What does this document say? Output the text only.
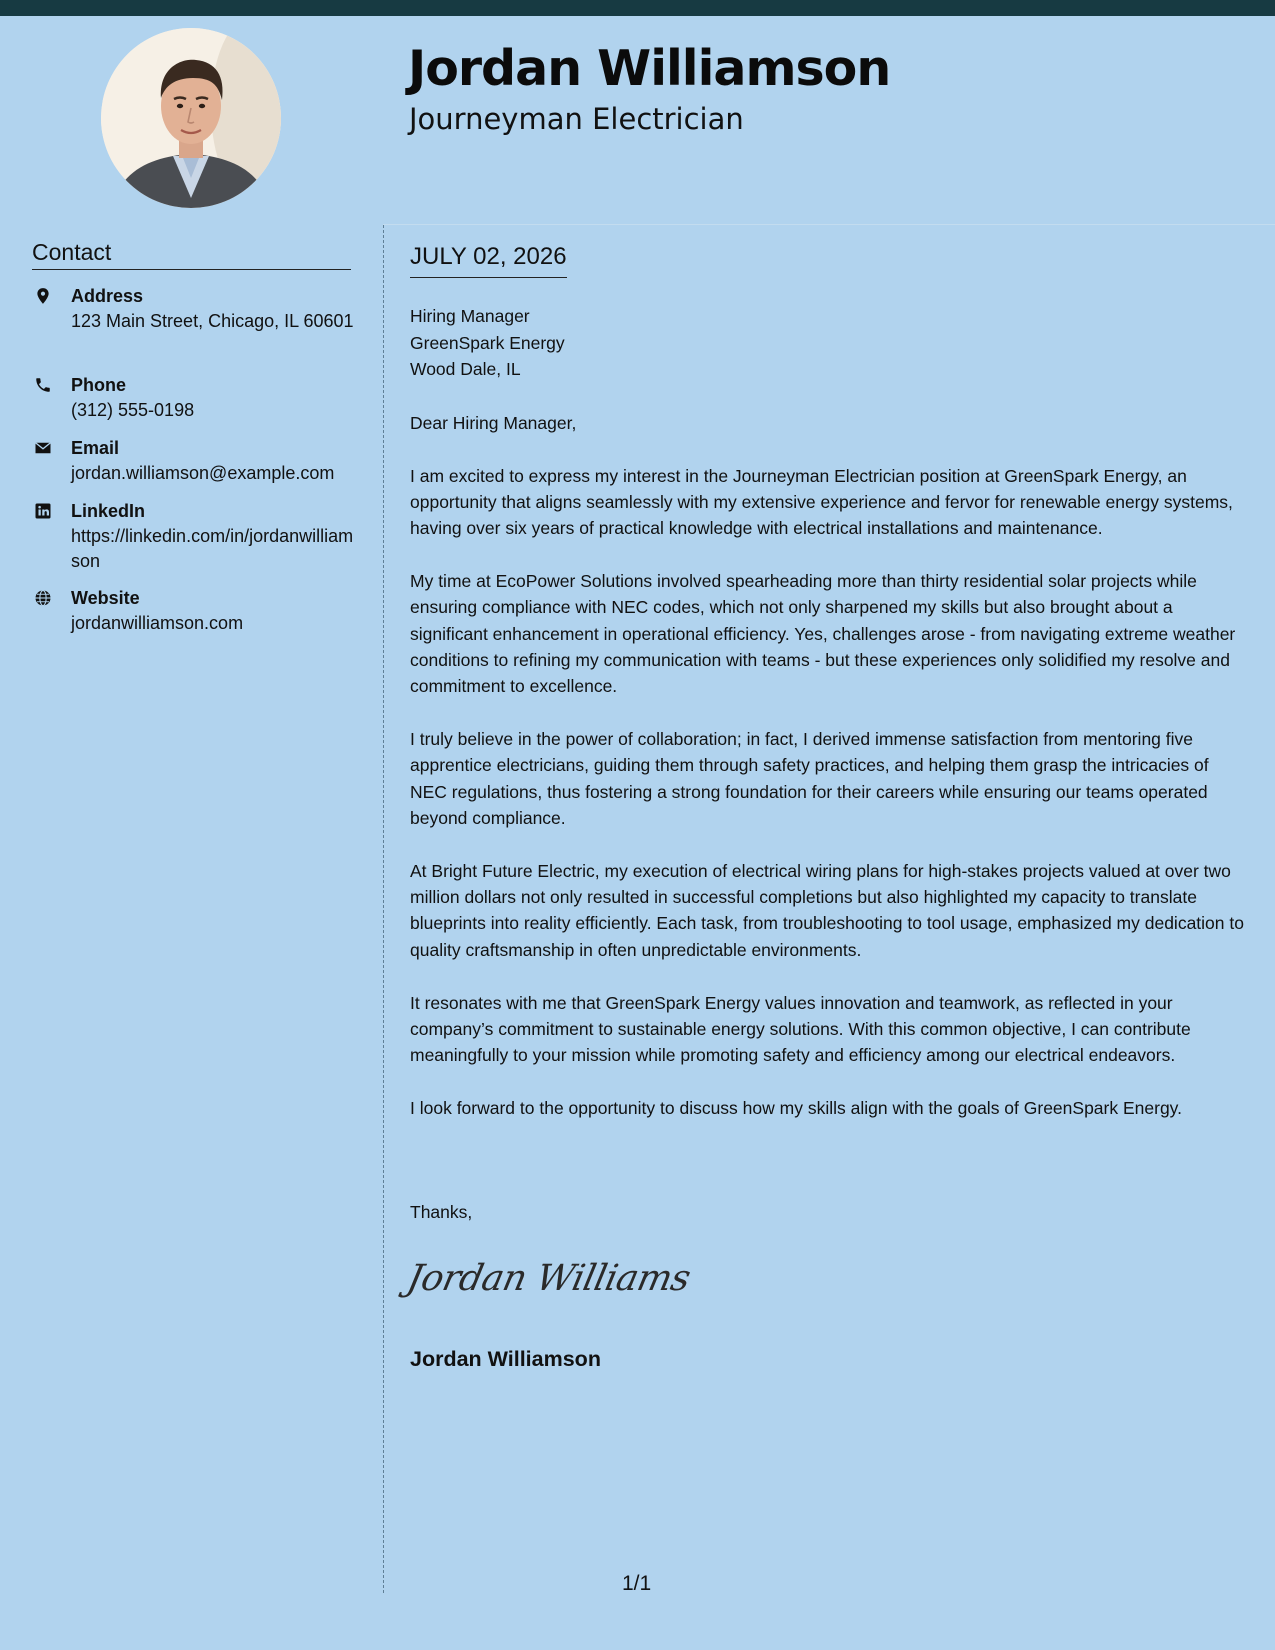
Jordan Williamson
Journeyman Electrician
Contact
Address
123 Main Street, Chicago, IL 60601
Phone
(312) 555-0198
Email
jordan.williamson@example.com
LinkedIn
https://linkedin.com/in/jordanwilliamson
Website
jordanwilliamson.com
JULY 02, 2026
Hiring Manager
GreenSpark Energy
Wood Dale, IL

Dear Hiring Manager,

I am excited to express my interest in the Journeyman Electrician position at GreenSpark Energy, an opportunity that aligns seamlessly with my extensive experience and fervor for renewable energy systems, having over six years of practical knowledge with electrical installations and maintenance.

My time at EcoPower Solutions involved spearheading more than thirty residential solar projects while ensuring compliance with NEC codes, which not only sharpened my skills but also brought about a significant enhancement in operational efficiency. Yes, challenges arose - from navigating extreme weather conditions to refining my communication with teams - but these experiences only solidified my resolve and commitment to excellence.

I truly believe in the power of collaboration; in fact, I derived immense satisfaction from mentoring five apprentice electricians, guiding them through safety practices, and helping them grasp the intricacies of NEC regulations, thus fostering a strong foundation for their careers while ensuring our teams operated beyond compliance.

At Bright Future Electric, my execution of electrical wiring plans for high-stakes projects valued at over two million dollars not only resulted in successful completions but also highlighted my capacity to translate blueprints into reality efficiently. Each task, from troubleshooting to tool usage, emphasized my dedication to quality craftsmanship in often unpredictable environments.

It resonates with me that GreenSpark Energy values innovation and teamwork, as reflected in your company’s commitment to sustainable energy solutions. With this common objective, I can contribute meaningfully to your mission while promoting safety and efficiency among our electrical endeavors.

I look forward to the opportunity to discuss how my skills align with the goals of GreenSpark Energy.

Thanks,
Jordan Williams
Jordan Williamson
1/1
